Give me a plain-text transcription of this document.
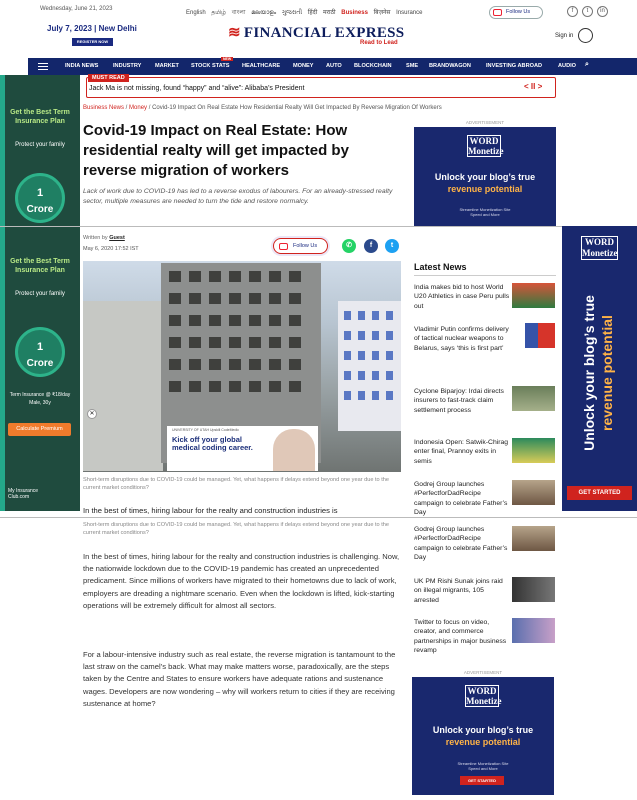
Wednesday, June 21, 2023
English தமிழ் বাংলা മലയാളം ગુજરાતી हिंदी मराठी Business बिज़नेस Insurance
July 7, 2023 | New Delhi
REGISTER NOW
≋ FINANCIAL EXPRESS
Read to Lead
Follow Us	f	t	in
Sign in
INDIA NEWS	INDUSTRY MARKET STOCK STATS
NEW
HEALTHCARE MONEY AUTO BLOCKCHAIN	SME BRANDWAGON	INVESTING ABROAD	AUDIO ⌕
Get the Best Term Insurance Plan
Protect your family
1
Crore
Get the Best Term Insurance Plan
Protect your family
1
Crore
Term Insurance @ ₹18/day Male, 30y
Calculate Premium
My Insurance Club.com
MUST READ
Jack Ma is not missing, found “happy” and “alive”: Alibaba’s President	< II >
Business News / Money / Covid-19 Impact On Real Estate How Residential Realty Will Get Impacted By Reverse Migration Of Workers
Covid-19 Impact on Real Estate: How residential realty will get impacted by reverse migration of workers
Lack of work due to COVID-19 has led to a reverse exodus of labourers. For an already-stressed realty sector, multiple measures are needed to turn the tide and restore normalcy.
ADVERTISEMENT
WORD Monetize
Unlock your blog’s true
revenue potential
Streamline Monetization Site Speed and More
Written by Guest
May 6, 2020 17:52 IST	Follow Us	✆	f	t
✕
UNIVERSITY OF UTAH Upskill CodeMedic
Kick off your global medical coding career.
Short-term disruptions due to COVID-19 could be managed. Yet, what happens if delays extend beyond one year due to the current market conditions?
In the best of times, hiring labour for the realty and construction industries is
WORD Monetize
Unlock your blog’s true revenue potential
GET STARTED
Latest News
India makes bid to host World U20 Athletics in case Peru pulls out
Vladimir Putin confirms delivery of tactical nuclear weapons to Belarus, says ‘this is first part’
Cyclone Biparjoy: Irdai directs insurers to fast-track claim settlement process
Indonesia Open: Satwik-Chirag enter final, Prannoy exits in semis
Godrej Group launches #PerfectforDadRecipe campaign to celebrate Father’s Day
Short-term disruptions due to COVID-19 could be managed. Yet, what happens if delays extend beyond one year due to the current market conditions?
In the best of times, hiring labour for the realty and construction industries is challenging. Now, the nationwide lockdown due to the COVID-19 pandemic has created an unprecedented predicament. Since millions of workers have migrated to their hometowns due to lack of work, employers are dreading a nightmare scenario. Even when the lockdown is lifted, kick-starting operations will be extremely difficult for almost all sectors.
For a labour-intensive industry such as real estate, the reverse migration is tantamount to the last straw on the camel’s back. What may make matters worse, paradoxically, are the steps taken by the Centre and States to ensure workers have adequate rations and sustenance wages. Developers are now wondering – why will workers return to cities if they are receiving sustenance at home?
Godrej Group launches #PerfectforDadRecipe campaign to celebrate Father’s Day
UK PM Rishi Sunak joins raid on illegal migrants, 105 arrested
Twitter to focus on video, creator, and commerce partnerships in major business revamp
ADVERTISEMENT
WORD Monetize
Unlock your blog’s true
revenue potential
Streamline Monetization Site Speed and More
GET STARTED
